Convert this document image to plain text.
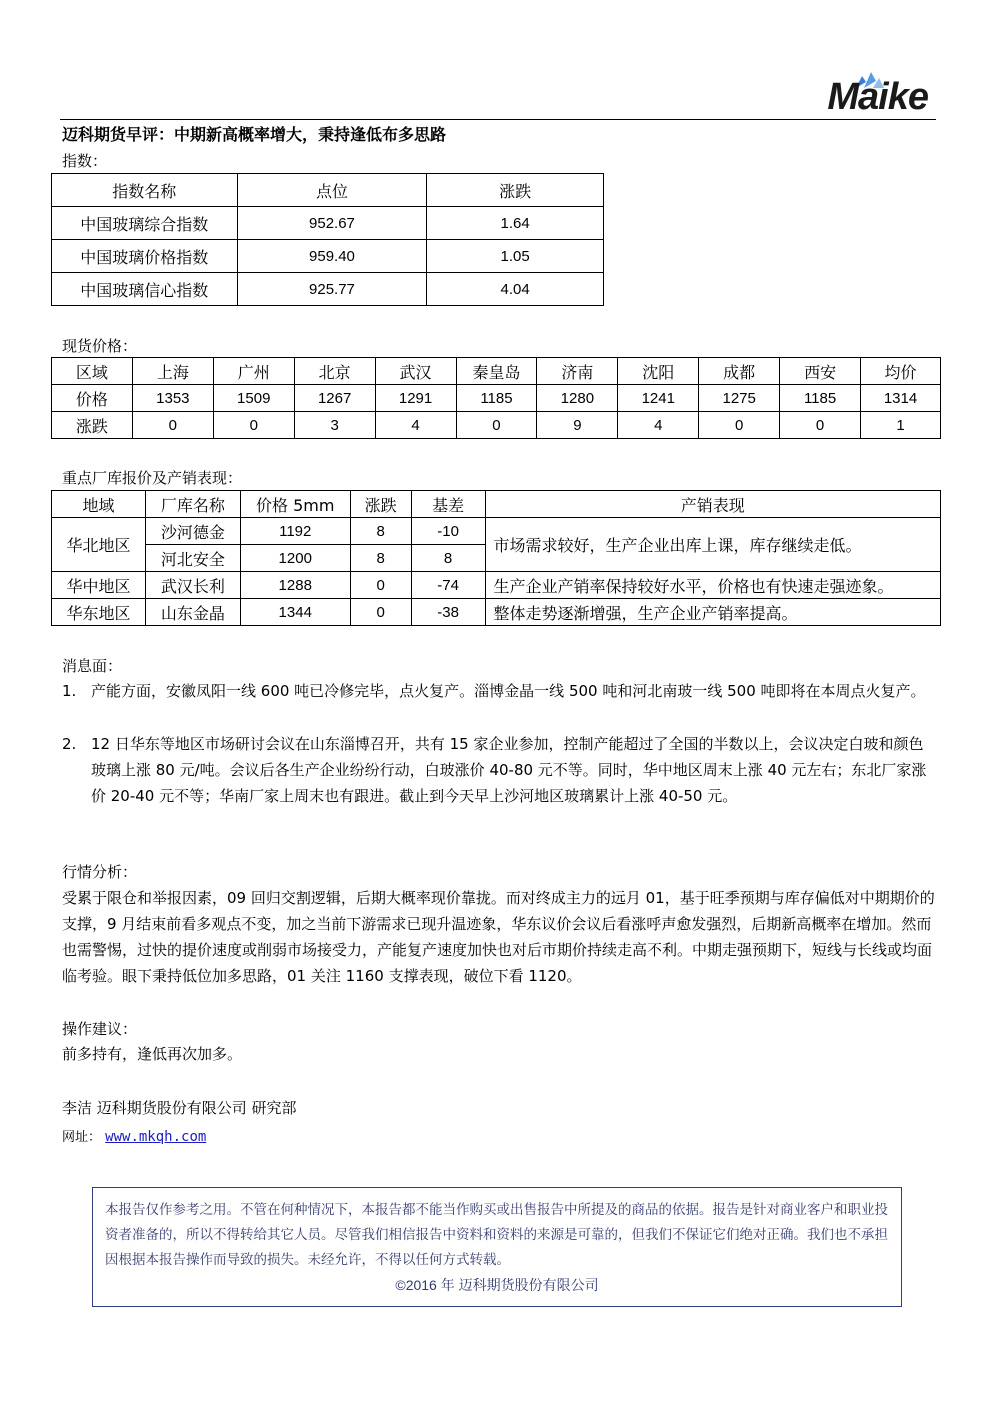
Maike
迈科期货早评：中期新高概率增大，秉持逢低布多思路
指数：
指数名称	点位	涨跌
中国玻璃综合指数	952.67	1.64
中国玻璃价格指数	959.40	1.05
中国玻璃信心指数	925.77	4.04
现货价格：
区域	上海	广州	北京	武汉	秦皇岛	济南	沈阳	成都	西安	均价
价格	1353	1509	1267	1291	1185	1280	1241	1275	1185	1314
涨跌	0	0	3	4	0	9	4	0	0	1
重点厂库报价及产销表现：
地域	厂库名称	价格 5mm	涨跌	基差	产销表现
华北地区	沙河德金	1192	8	-10	市场需求较好，生产企业出库上课，库存继续走低。
	河北安全	1200	8	8	
华中地区	武汉长利	1288	0	-74	生产企业产销率保持较好水平，价格也有快速走强迹象。
华东地区	山东金晶	1344	0	-38	整体走势逐渐增强，生产企业产销率提高。
消息面：
1. 产能方面，安徽凤阳一线 600 吨已冷修完毕，点火复产。淄博金晶一线 500 吨和河北南玻一线 500 吨即将在本周点火复产。
2. 12 日华东等地区市场研讨会议在山东淄博召开，共有 15 家企业参加，控制产能超过了全国的半数以上，会议决定白玻和颜色玻璃上涨 80 元/吨。会议后各生产企业纷纷行动，白玻涨价 40-80 元不等。同时，华中地区周末上涨 40 元左右；东北厂家涨价 20-40 元不等；华南厂家上周末也有跟进。截止到今天早上沙河地区玻璃累计上涨 40-50 元。
行情分析：
受累于限仓和举报因素，09 回归交割逻辑，后期大概率现价靠拢。而对终成主力的远月 01，基于旺季预期与库存偏低对中期期价的支撑，9 月结束前看多观点不变，加之当前下游需求已现升温迹象，华东议价会议后看涨呼声愈发强烈，后期新高概率在增加。然而也需警惕，过快的提价速度或削弱市场接受力，产能复产速度加快也对后市期价持续走高不利。中期走强预期下，短线与长线或均面临考验。眼下秉持低位加多思路，01 关注 1160 支撑表现，破位下看 1120。
操作建议：
前多持有，逢低再次加多。
李洁 迈科期货股份有限公司 研究部
网址： www.mkqh.com
本报告仅作参考之用。不管在何种情况下，本报告都不能当作购买或出售报告中所提及的商品的依据。报告是针对商业客户和职业投资者准备的，所以不得转给其它人员。尽管我们相信报告中资料和资料的来源是可靠的，但我们不保证它们绝对正确。我们也不承担因根据本报告操作而导致的损失。未经允许，不得以任何方式转载。
©2016 年 迈科期货股份有限公司
